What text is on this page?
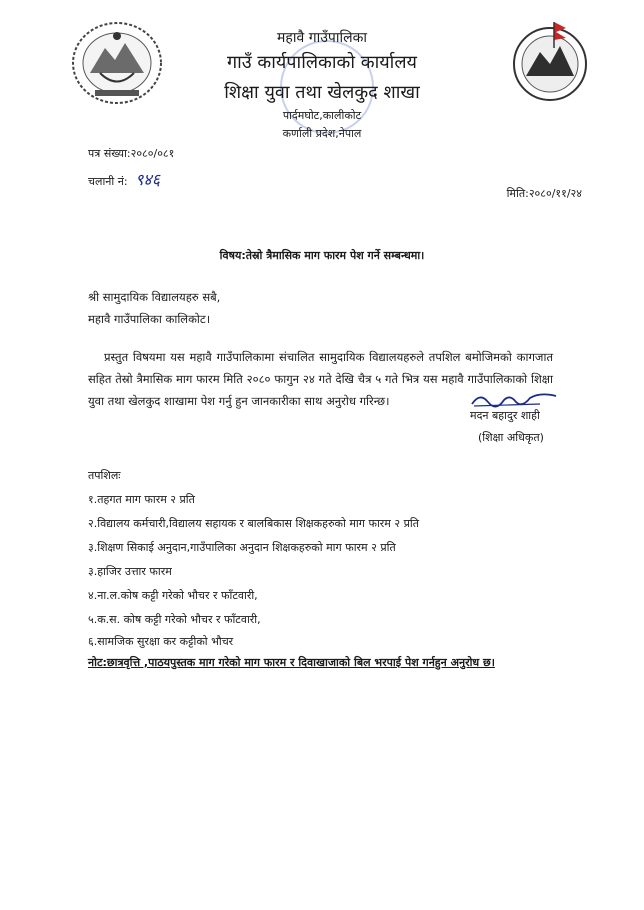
महावै गाउँपालिका
गाउँ कार्यपालिकाको कार्यालय
शिक्षा युवा तथा खेलकुद शाखा
पार्दमघोट,कालीकोट
कर्णाली प्रदेश,नेपाल
पत्र संख्या:२०८०/०८१
चलानी नं: ९४६
मिति:२०८०/११/२४
विषय:तेस्रो त्रैमासिक माग फारम पेश गर्ने सम्बन्धमा।
श्री सामुदायिक विद्यालयहरु सबै,
महावै गाउँपालिका कालिकोट।
प्रस्तुत विषयमा यस महावै गाउँपालिकामा संचालित सामुदायिक विद्यालयहरुले तपशिल बमोजिमको कागजात सहित तेस्रो त्रैमासिक माग फारम मिति २०८० फागुन २४ गते देखि चैत्र ५ गते भित्र यस महावै गाउँपालिकाको शिक्षा युवा तथा खेलकुद शाखामा पेश गर्नु हुन जानकारीका साथ अनुरोध गरिन्छ।
मदन बहादुर शाही
(शिक्षा अधिकृत)
तपशिलः
१.तहगत माग फारम २ प्रति
२.विद्यालय कर्मचारी,विद्यालय सहायक र बालबिकास शिक्षकहरुको माग फारम २ प्रति
३.शिक्षण सिकाई अनुदान,गाउँपालिका अनुदान शिक्षकहरुको माग फारम २ प्रति
३.हाजिर उत्तार फारम
४.ना.ल.कोष कट्टी गरेको भौचर र फाँटवारी,
५.क.स. कोष कट्टी गरेको भौचर र फाँटवारी,
६.सामजिक सुरक्षा कर कट्टीको भौचर
नोट:छात्रवृत्ति ,पाठयपुस्तक माग गरेको माग फारम र दिवाखाजाको बिल भरपाई पेश गर्नहुन अनुरोध छ।
